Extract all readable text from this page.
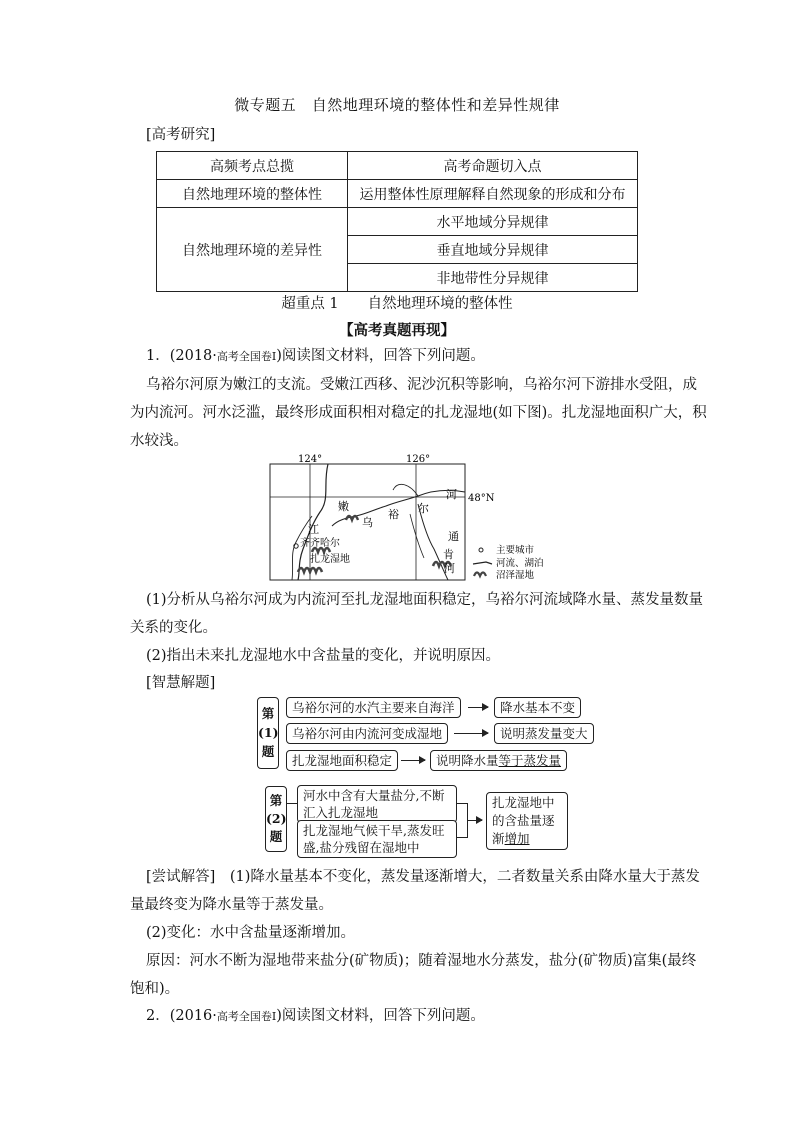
微专题五　自然地理环境的整体性和差异性规律
[高考研究]
高频考点总揽	高考命题切入点
自然地理环境的整体性	运用整体性原理解释自然现象的形成和分布
自然地理环境的差异性	水平地域分异规律
	垂直地域分异规律
	非地带性分异规律
超重点 1　　自然地理环境的整体性
【高考真题再现】
1．(2018·高考全国卷Ⅰ)阅读图文材料，回答下列问题。
乌裕尔河原为嫩江的支流。受嫩江西移、泥沙沉积等影响，乌裕尔河下游排水受阻，成
为内流河。河水泛滥，最终形成面积相对稳定的扎龙湿地(如下图)。扎龙湿地面积广大，积
水较浅。
124°	126°
48°N
嫩
江
乌
裕 尔
河
齐齐哈尔
扎龙湿地
通
肯
河
主要城市
河流、湖泊
沼泽湿地
(1)分析从乌裕尔河成为内流河至扎龙湿地面积稳定，乌裕尔河流域降水量、蒸发量数量
关系的变化。
(2)指出未来扎龙湿地水中含盐量的变化，并说明原因。
[智慧解题]
第
(1)
题
乌裕尔河的水汽主要来自海洋	降水基本不变
乌裕尔河由内流河变成湿地	说明蒸发量变大
扎龙湿地面积稳定	说明降水量等于蒸发量
第
(2)
题
河水中含有大量盐分,不断
汇入扎龙湿地
扎龙湿地气候干旱,蒸发旺
盛,盐分残留在湿地中
扎龙湿地中
的含盐量逐
渐增加
[尝试解答]　(1)降水量基本不变化，蒸发量逐渐增大，二者数量关系由降水量大于蒸发
量最终变为降水量等于蒸发量。
(2)变化：水中含盐量逐渐增加。
原因：河水不断为湿地带来盐分(矿物质)；随着湿地水分蒸发，盐分(矿物质)富集(最终
饱和)。
2．(2016·高考全国卷Ⅰ)阅读图文材料，回答下列问题。
